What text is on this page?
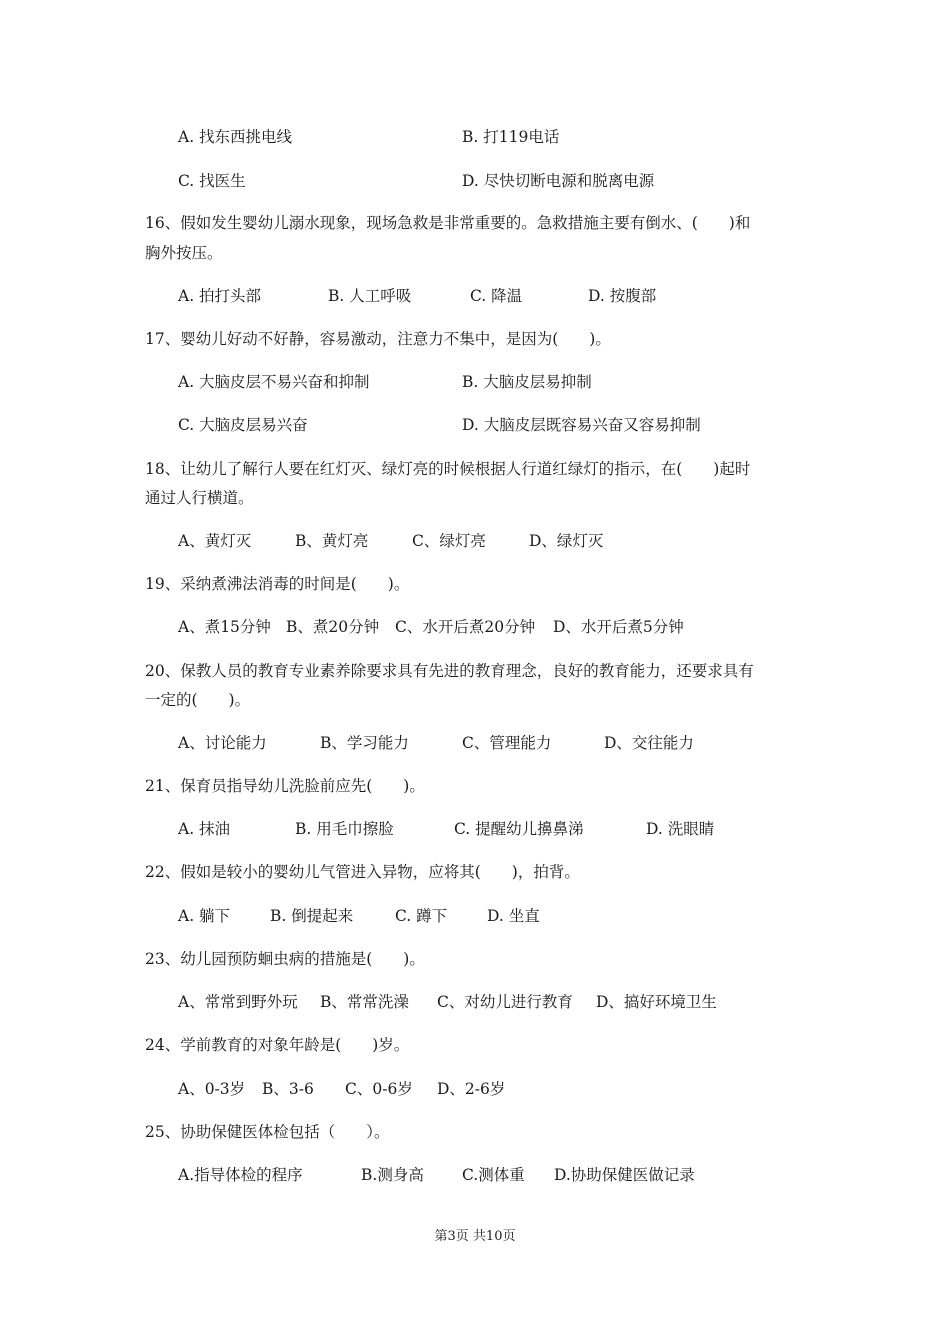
A. 找东西挑电线	B. 打119电话
C. 找医生	D. 尽快切断电源和脱离电源
16、假如发生婴幼儿溺水现象，现场急救是非常重要的。急救措施主要有倒水、(　　)和
胸外按压。
A. 拍打头部	B. 人工呼吸	C. 降温	D. 按腹部
17、婴幼儿好动不好静，容易激动，注意力不集中，是因为(　　)。
A. 大脑皮层不易兴奋和抑制	B. 大脑皮层易抑制
C. 大脑皮层易兴奋	D. 大脑皮层既容易兴奋又容易抑制
18、让幼儿了解行人要在红灯灭、绿灯亮的时候根据人行道红绿灯的指示，在(　　)起时
通过人行横道。
A、黄灯灭	B、黄灯亮	C、绿灯亮	D、绿灯灭
19、采纳煮沸法消毒的时间是(　　)。
A、煮15分钟 B、煮20分钟 C、水开后煮20分钟 D、水开后煮5分钟
20、保教人员的教育专业素养除要求具有先进的教育理念，良好的教育能力，还要求具有
一定的(　　)。
A、讨论能力	B、学习能力	C、管理能力	D、交往能力
21、保育员指导幼儿洗脸前应先(　　)。
A. 抹油	B. 用毛巾擦脸	C. 提醒幼儿擤鼻涕	D. 洗眼睛
22、假如是较小的婴幼儿气管进入异物，应将其(　　)，拍背。
A. 躺下	B. 倒提起来	C. 蹲下	D. 坐直
23、幼儿园预防蛔虫病的措施是(　　)。
A、常常到野外玩 B、常常洗澡 C、对幼儿进行教育 D、搞好环境卫生
24、学前教育的对象年龄是(　　)岁。
A、0-3岁 B、3-6 C、0-6岁 D、2-6岁
25、协助保健医体检包括（　　）。
A.指导体检的程序	B.测身高 C.测体重 D.协助保健医做记录
第3页 共10页
